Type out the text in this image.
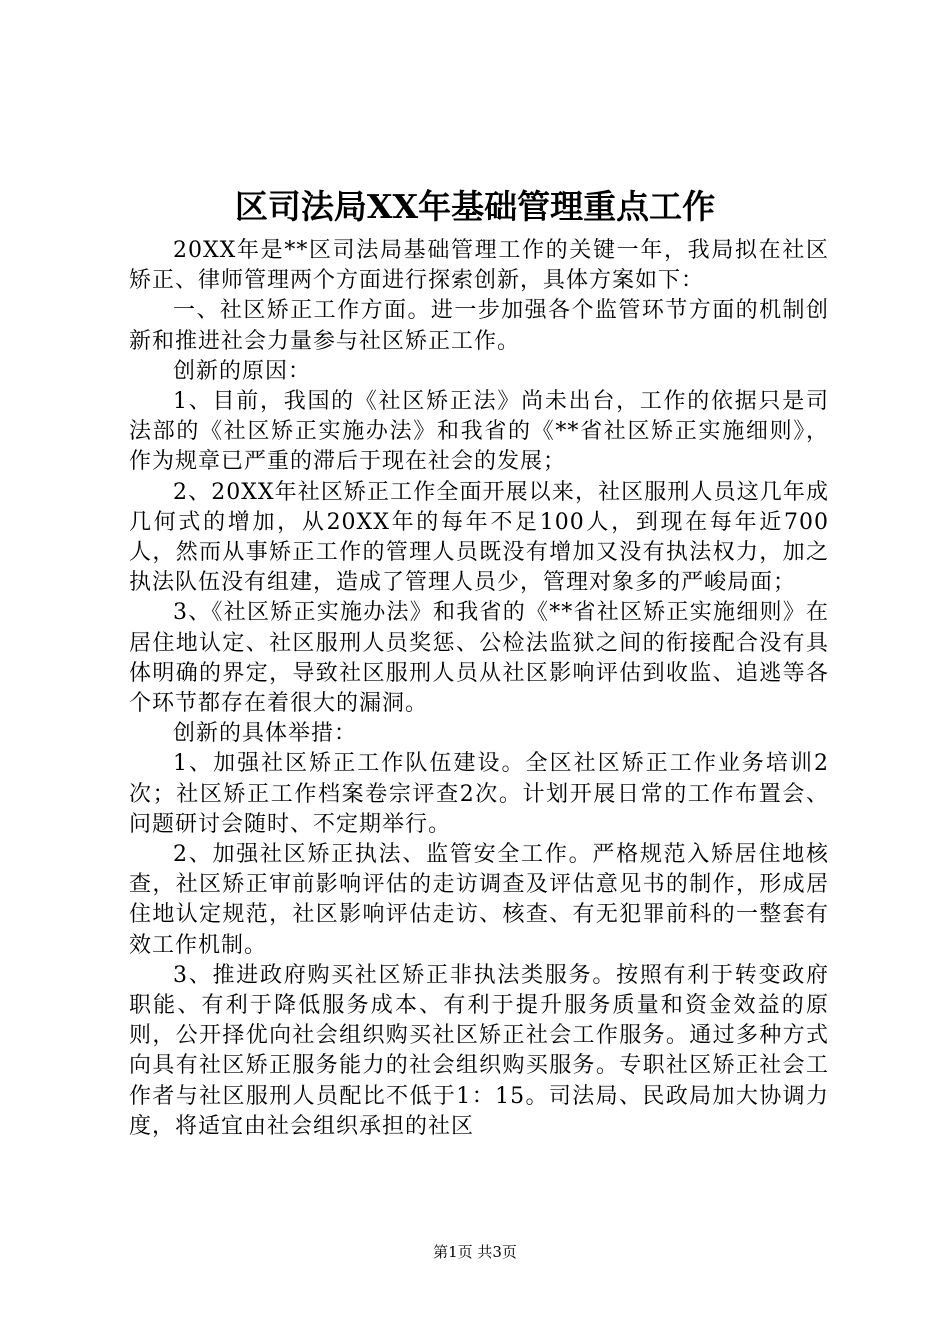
区司法局XX年基础管理重点工作

20XX年是**区司法局基础管理工作的关键一年，我局拟在社区矫正、律师管理两个方面进行探索创新，具体方案如下：

一、社区矫正工作方面。进一步加强各个监管环节方面的机制创新和推进社会力量参与社区矫正工作。

创新的原因：

1、目前，我国的《社区矫正法》尚未出台，工作的依据只是司法部的《社区矫正实施办法》和我省的《**省社区矫正实施细则》，作为规章已严重的滞后于现在社会的发展；

2、20XX年社区矫正工作全面开展以来，社区服刑人员这几年成几何式的增加，从20XX年的每年不足100人，到现在每年近700人，然而从事矫正工作的管理人员既没有增加又没有执法权力，加之执法队伍没有组建，造成了管理人员少，管理对象多的严峻局面；

3、《社区矫正实施办法》和我省的《**省社区矫正实施细则》在居住地认定、社区服刑人员奖惩、公检法监狱之间的衔接配合没有具体明确的界定，导致社区服刑人员从社区影响评估到收监、追逃等各个环节都存在着很大的漏洞。

创新的具体举措：

1、加强社区矫正工作队伍建设。全区社区矫正工作业务培训2次；社区矫正工作档案卷宗评查2次。计划开展日常的工作布置会、问题研讨会随时、不定期举行。

2、加强社区矫正执法、监管安全工作。严格规范入矫居住地核查，社区矫正审前影响评估的走访调查及评估意见书的制作，形成居住地认定规范，社区影响评估走访、核查、有无犯罪前科的一整套有效工作机制。

3、推进政府购买社区矫正非执法类服务。按照有利于转变政府职能、有利于降低服务成本、有利于提升服务质量和资金效益的原则，公开择优向社会组织购买社区矫正社会工作服务。通过多种方式向具有社区矫正服务能力的社会组织购买服务。专职社区矫正社会工作者与社区服刑人员配比不低于1：15。司法局、民政局加大协调力度，将适宜由社会组织承担的社区

第1页 共3页
